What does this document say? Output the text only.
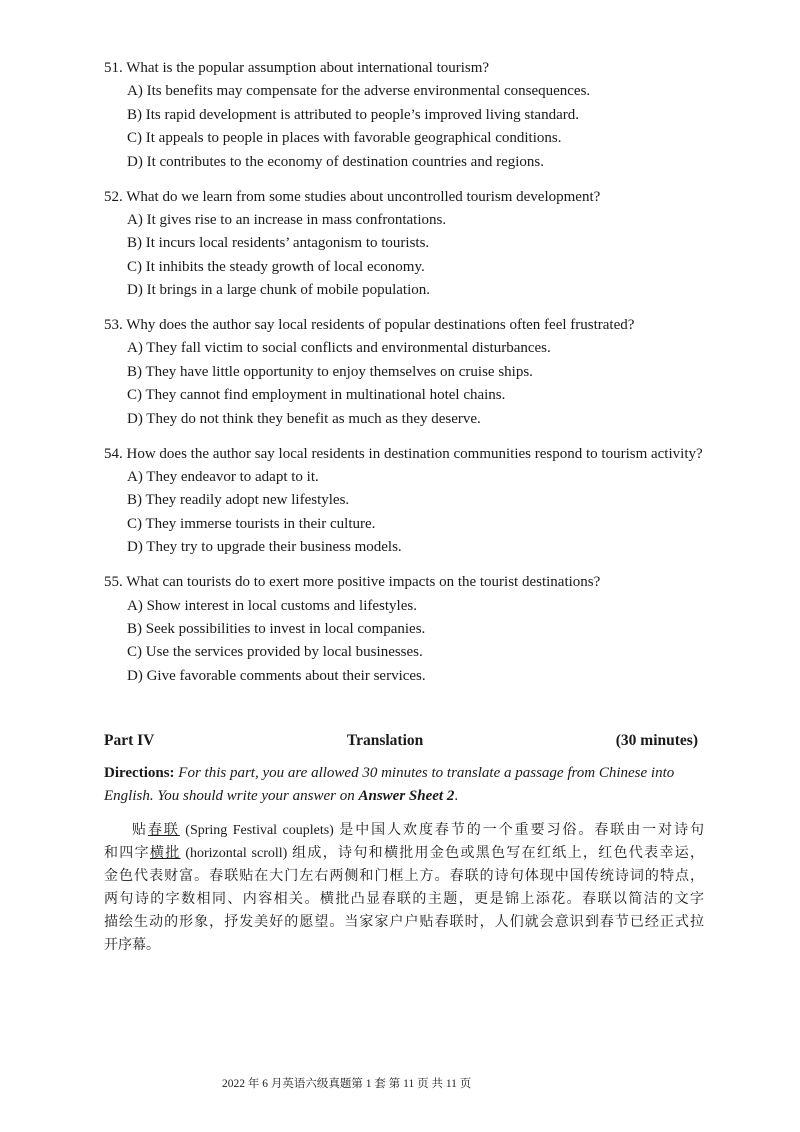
51. What is the popular assumption about international tourism?
A) Its benefits may compensate for the adverse environmental consequences.
B) Its rapid development is attributed to people’s improved living standard.
C) It appeals to people in places with favorable geographical conditions.
D) It contributes to the economy of destination countries and regions.
52. What do we learn from some studies about uncontrolled tourism development?
A) It gives rise to an increase in mass confrontations.
B) It incurs local residents’ antagonism to tourists.
C) It inhibits the steady growth of local economy.
D) It brings in a large chunk of mobile population.
53. Why does the author say local residents of popular destinations often feel frustrated?
A) They fall victim to social conflicts and environmental disturbances.
B) They have little opportunity to enjoy themselves on cruise ships.
C) They cannot find employment in multinational hotel chains.
D) They do not think they benefit as much as they deserve.
54. How does the author say local residents in destination communities respond to tourism activity?
A) They endeavor to adapt to it.
B) They readily adopt new lifestyles.
C) They immerse tourists in their culture.
D) They try to upgrade their business models.
55. What can tourists do to exert more positive impacts on the tourist destinations?
A) Show interest in local customs and lifestyles.
B) Seek possibilities to invest in local companies.
C) Use the services provided by local businesses.
D) Give favorable comments about their services.
Part IV	Translation	(30 minutes)
Directions: For this part, you are allowed 30 minutes to translate a passage from Chinese into English. You should write your answer on Answer Sheet 2.
贴春联 (Spring Festival couplets) 是中国人欢度春节的一个重要习俗。春联由一对诗句
和四字横批 (horizontal scroll) 组成，诗句和横批用金色或黑色写在红纸上，红色代表幸运，
金色代表财富。春联贴在大门左右两侧和门框上方。春联的诗句体现中国传统诗词的特点，
两句诗的字数相同、内容相关。横批凸显春联的主题，更是锦上添花。春联以简洁的文字
描绘生动的形象，抒发美好的愿望。当家家户户贴春联时，人们就会意识到春节已经正式拉
开序幕。
2022 年 6 月英语六级真题第 1 套 第 11 页 共 11 页
